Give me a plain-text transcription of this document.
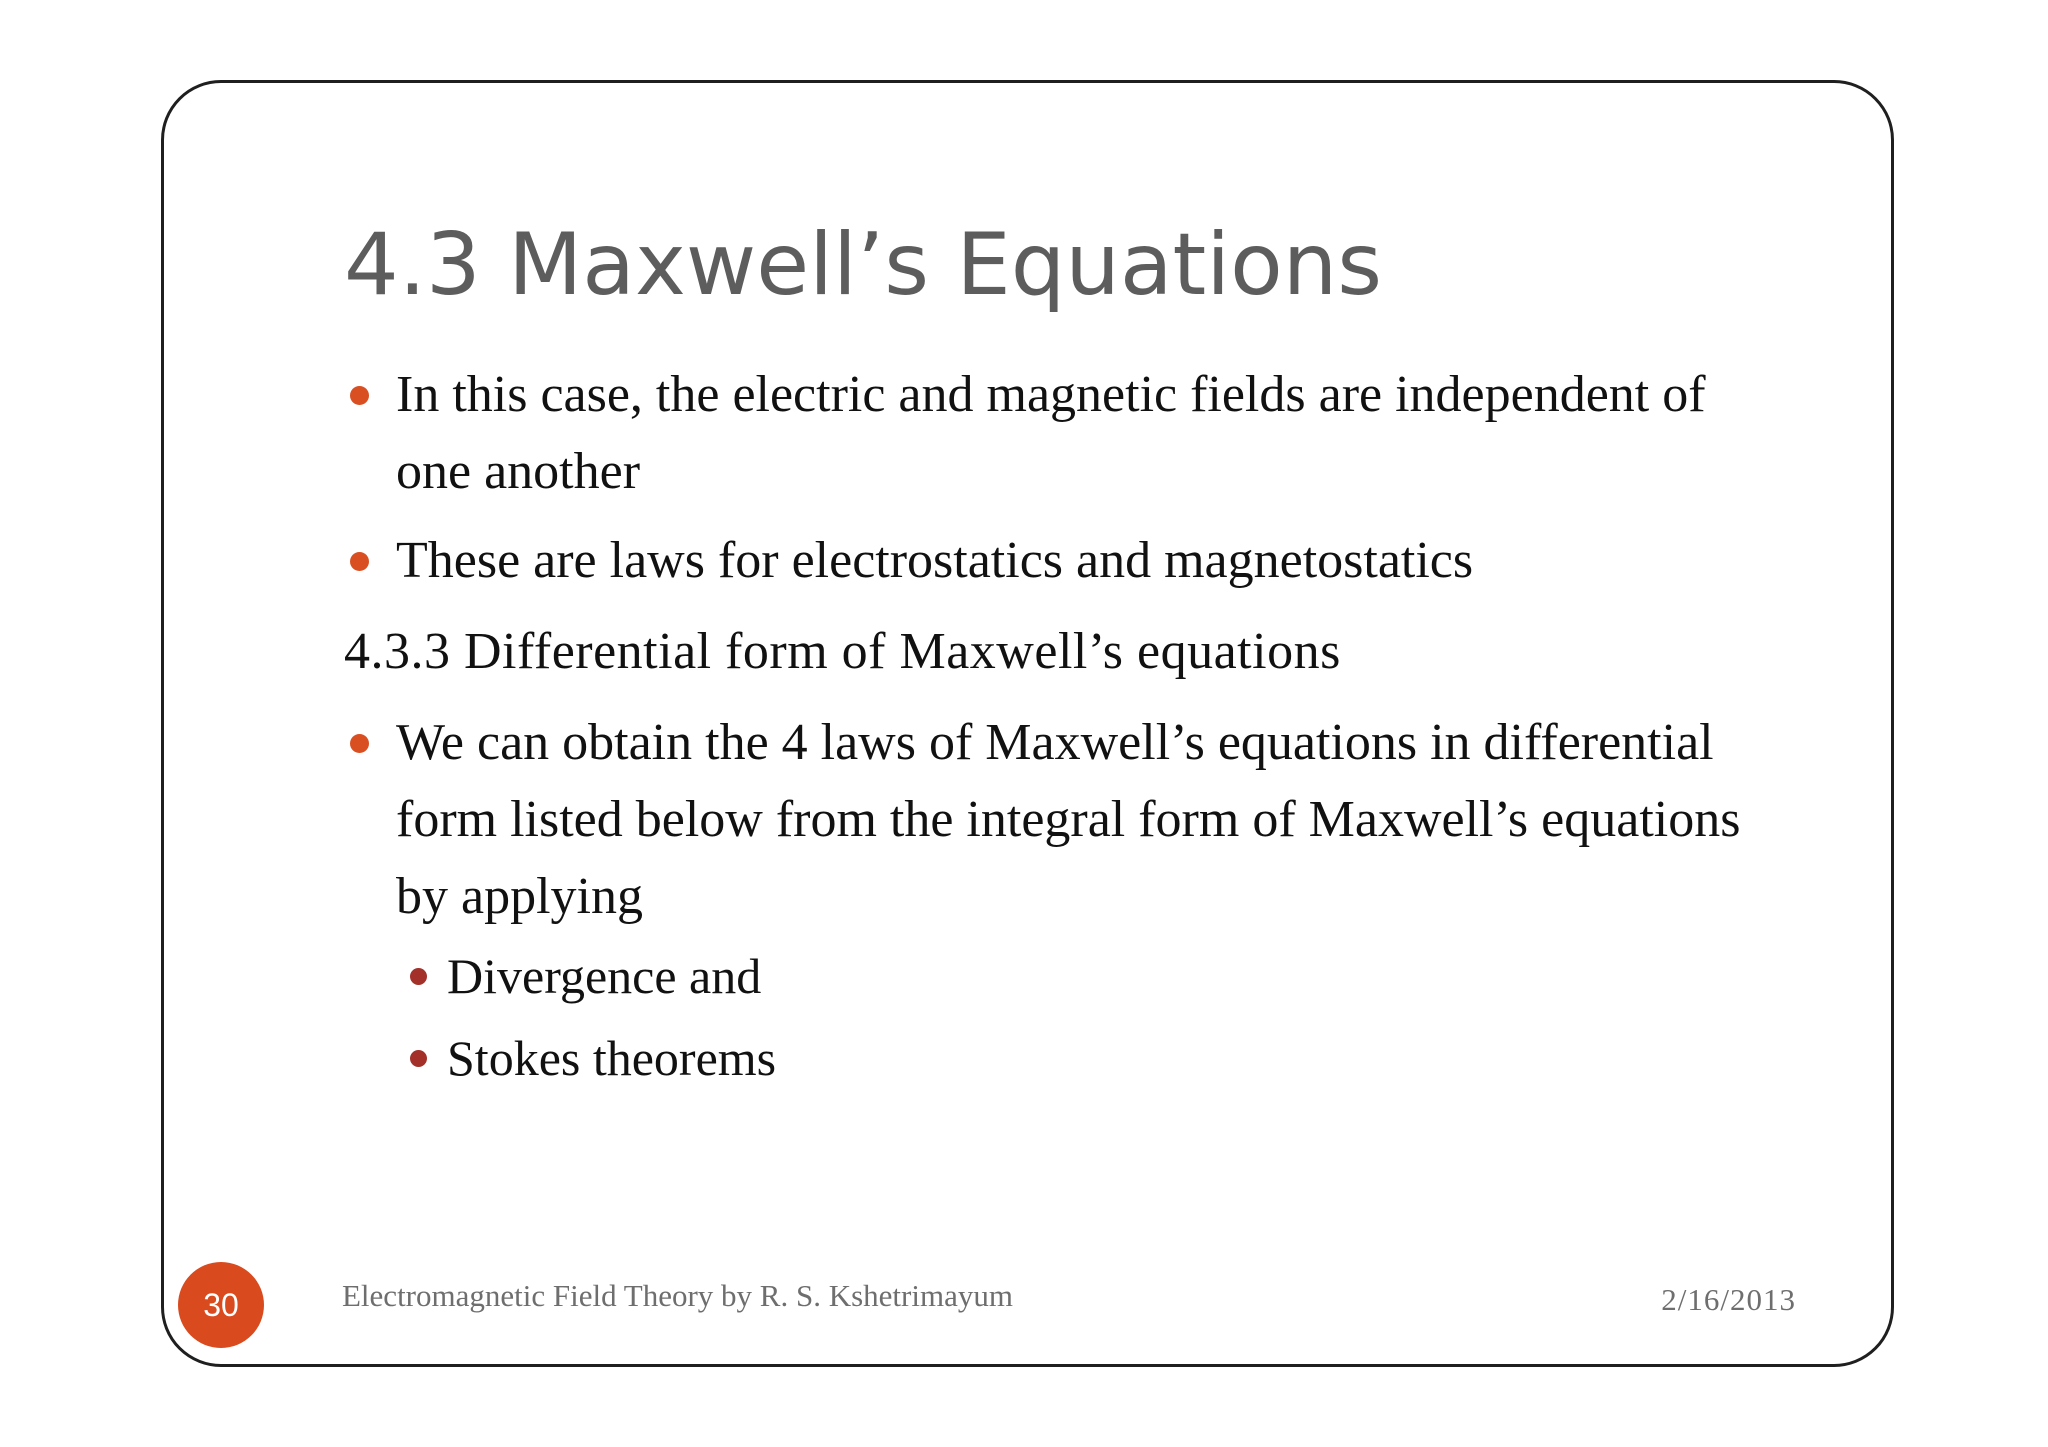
4.3 Maxwell’s Equations
In this case, the electric and magnetic fields are independent of one another
These are laws for electrostatics and magnetostatics
4.3.3 Differential form of Maxwell’s equations
We can obtain the 4 laws of Maxwell’s equations in differential form listed below from the integral form of Maxwell’s equations by applying
Divergence and
Stokes theorems
30	Electromagnetic Field Theory by R. S. Kshetrimayum	2/16/2013
